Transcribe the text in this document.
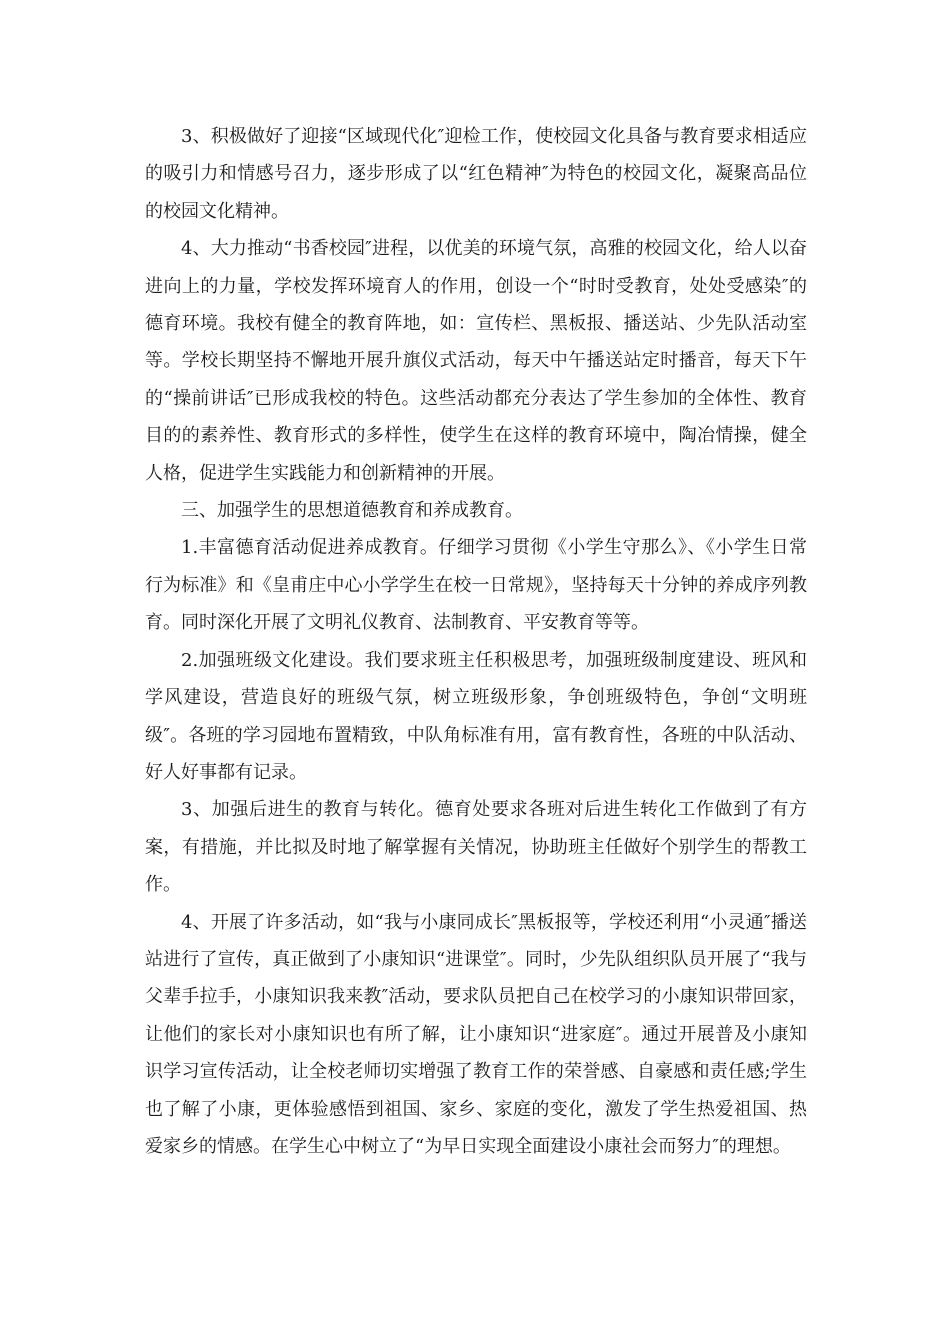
3、积极做好了迎接“区域现代化″迎检工作，使校园文化具备与教育要求相适应的吸引力和情感号召力，逐步形成了以“红色精神″为特色的校园文化，凝聚高品位的校园文化精神。

4、大力推动“书香校园″进程，以优美的环境气氛，高雅的校园文化，给人以奋进向上的力量，学校发挥环境育人的作用，创设一个“时时受教育，处处受感染″的德育环境。我校有健全的教育阵地，如：宣传栏、黑板报、播送站、少先队活动室等。学校长期坚持不懈地开展升旗仪式活动，每天中午播送站定时播音，每天下午的“操前讲话″已形成我校的特色。这些活动都充分表达了学生参加的全体性、教育目的的素养性、教育形式的多样性，使学生在这样的教育环境中，陶冶情操，健全人格，促进学生实践能力和创新精神的开展。

三、加强学生的思想道德教育和养成教育。

1.丰富德育活动促进养成教育。仔细学习贯彻《小学生守那么》、《小学生日常行为标准》和《皇甫庄中心小学学生在校一日常规》，坚持每天十分钟的养成序列教育。同时深化开展了文明礼仪教育、法制教育、平安教育等等。

2.加强班级文化建设。我们要求班主任积极思考，加强班级制度建设、班风和学风建设，营造良好的班级气氛，树立班级形象，争创班级特色，争创“文明班级″。各班的学习园地布置精致，中队角标准有用，富有教育性，各班的中队活动、好人好事都有记录。

3、加强后进生的教育与转化。德育处要求各班对后进生转化工作做到了有方案，有措施，并比拟及时地了解掌握有关情况，协助班主任做好个别学生的帮教工作。

4、开展了许多活动，如“我与小康同成长″黑板报等，学校还利用“小灵通″播送站进行了宣传，真正做到了小康知识“进课堂″。同时，少先队组织队员开展了“我与父辈手拉手，小康知识我来教″活动，要求队员把自己在校学习的小康知识带回家，让他们的家长对小康知识也有所了解，让小康知识“进家庭″。通过开展普及小康知识学习宣传活动，让全校老师切实增强了教育工作的荣誉感、自豪感和责任感;学生也了解了小康，更体验感悟到祖国、家乡、家庭的变化，激发了学生热爱祖国、热爱家乡的情感。在学生心中树立了“为早日实现全面建设小康社会而努力″的理想。
